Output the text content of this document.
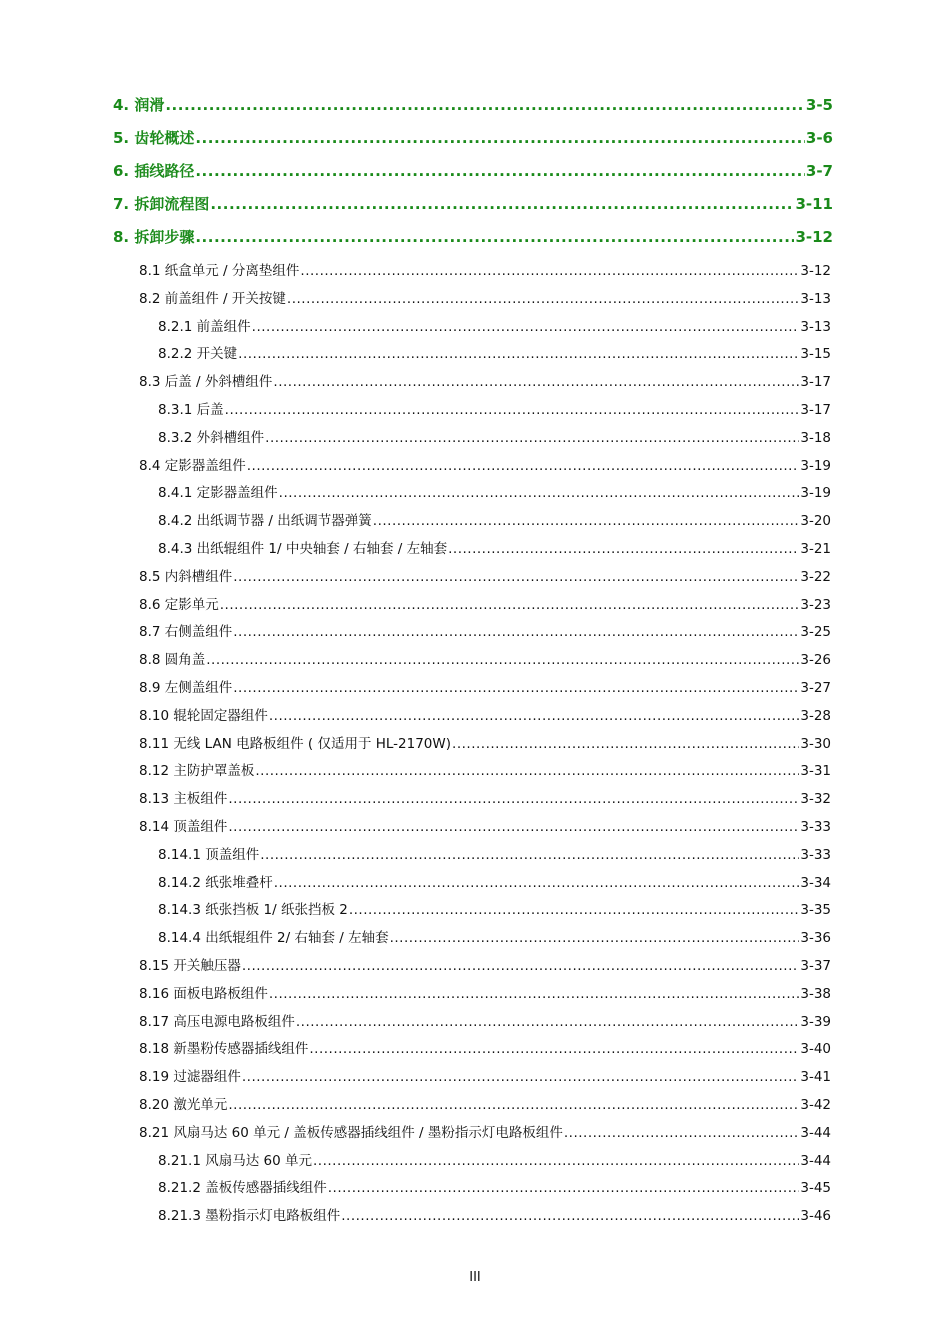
4. 润滑 .....	3-5
5. 齿轮概述 .....	3-6
6. 插线路径 .....	3-7
7. 拆卸流程图 .....	3-11
8. 拆卸步骤 .....	3-12
8.1 纸盒单元 / 分离垫组件 .....	3-12
8.2 前盖组件 / 开关按键 .....	3-13
8.2.1 前盖组件 .....	3-13
8.2.2 开关键 .....	3-15
8.3 后盖 / 外斜槽组件 .....	3-17
8.3.1 后盖 .....	3-17
8.3.2 外斜槽组件 .....	3-18
8.4 定影器盖组件 .....	3-19
8.4.1 定影器盖组件 .....	3-19
8.4.2 出纸调节器 / 出纸调节器弹簧 .....	3-20
8.4.3 出纸辊组件 1/ 中央轴套 / 右轴套 / 左轴套 .....	3-21
8.5 内斜槽组件 .....	3-22
8.6 定影单元 .....	3-23
8.7 右侧盖组件 .....	3-25
8.8 圆角盖 .....	3-26
8.9 左侧盖组件 .....	3-27
8.10 辊轮固定器组件 .....	3-28
8.11 无线 LAN 电路板组件 ( 仅适用于 HL-2170W) .....	3-30
8.12 主防护罩盖板 .....	3-31
8.13 主板组件 .....	3-32
8.14 顶盖组件 .....	3-33
8.14.1 顶盖组件 .....	3-33
8.14.2 纸张堆叠杆 .....	3-34
8.14.3 纸张挡板 1/ 纸张挡板 2 .....	3-35
8.14.4 出纸辊组件 2/ 右轴套 / 左轴套 .....	3-36
8.15 开关触压器 .....	3-37
8.16 面板电路板组件 .....	3-38
8.17 高压电源电路板组件 .....	3-39
8.18 新墨粉传感器插线组件 .....	3-40
8.19 过滤器组件 .....	3-41
8.20 激光单元 .....	3-42
8.21 风扇马达 60 单元 / 盖板传感器插线组件 / 墨粉指示灯电路板组件 .....	3-44
8.21.1 风扇马达 60 单元 .....	3-44
8.21.2 盖板传感器插线组件 .....	3-45
8.21.3 墨粉指示灯电路板组件 .....	3-46
III
